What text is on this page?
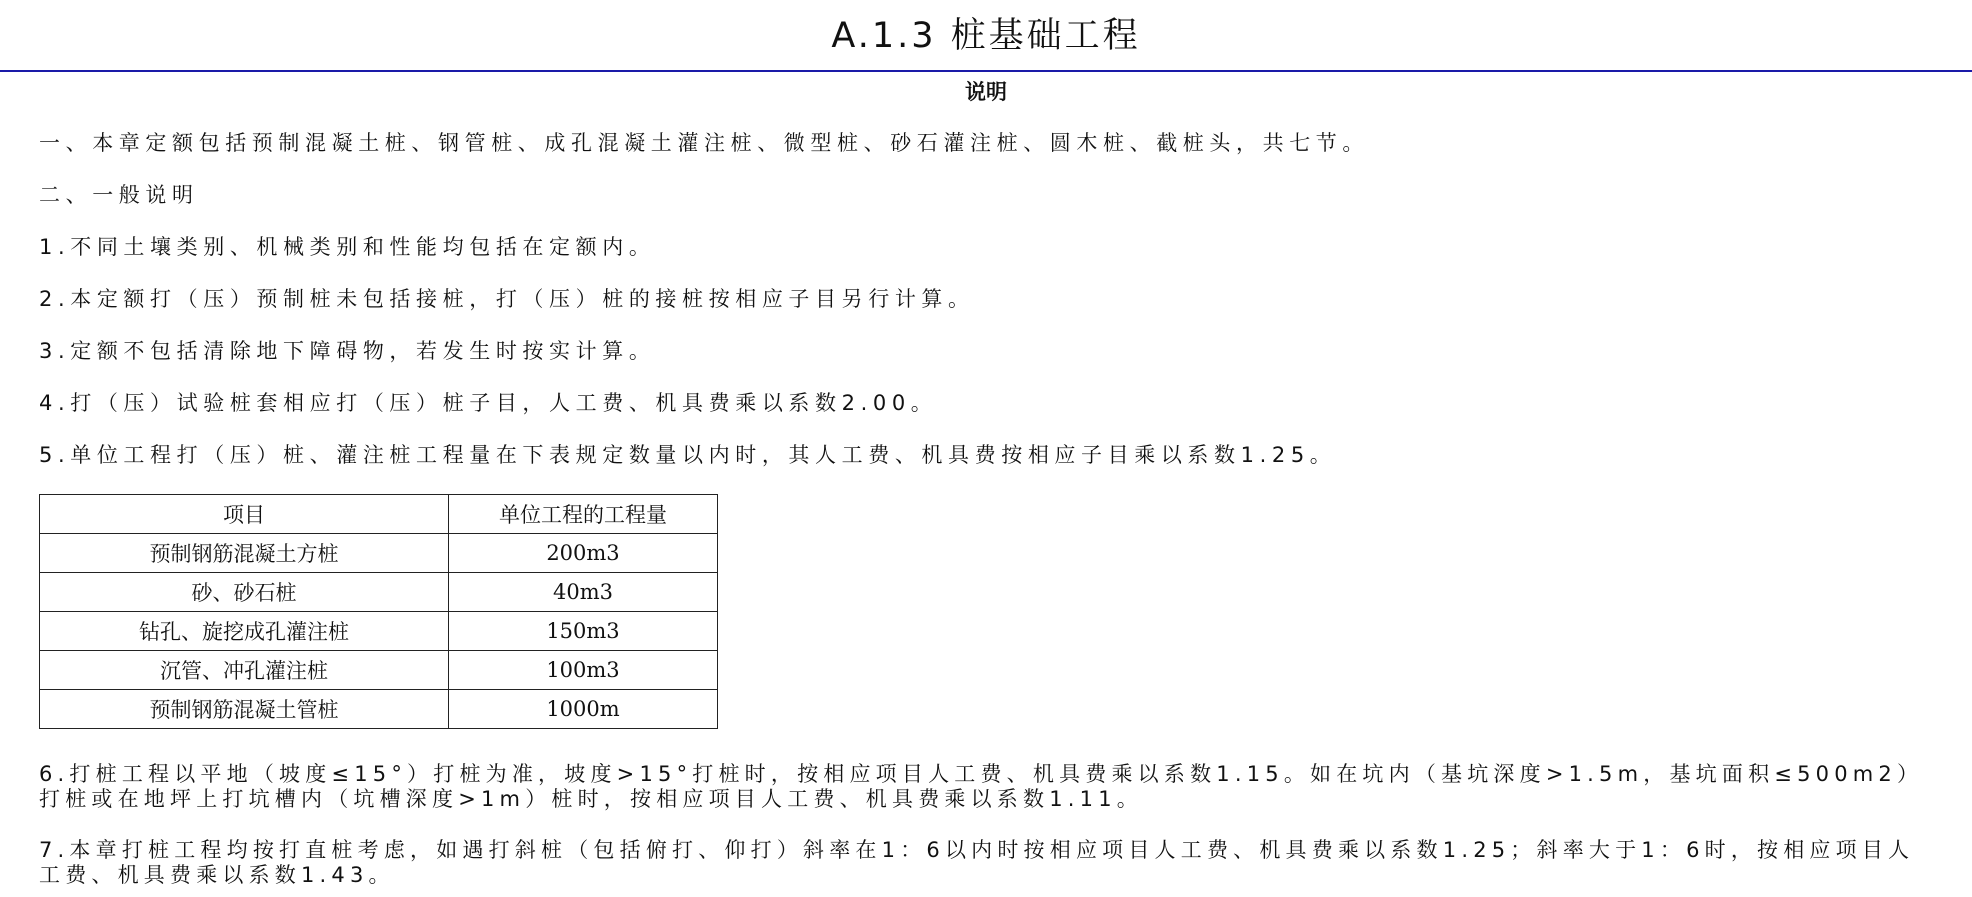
A.1.3 桩基础工程
说明

一、本章定额包括预制混凝土桩、钢管桩、成孔混凝土灌注桩、微型桩、砂石灌注桩、圆木桩、截桩头，共七节。

二、一般说明

1.不同土壤类别、机械类别和性能均包括在定额内。

2.本定额打（压）预制桩未包括接桩，打（压）桩的接桩按相应子目另行计算。

3.定额不包括清除地下障碍物，若发生时按实计算。

4.打（压）试验桩套相应打（压）桩子目，人工费、机具费乘以系数2.00。

5.单位工程打（压）桩、灌注桩工程量在下表规定数量以内时，其人工费、机具费按相应子目乘以系数1.25。

项目	单位工程的工程量
预制钢筋混凝土方桩	200m3
砂、砂石桩	40m3
钻孔、旋挖成孔灌注桩	150m3
沉管、冲孔灌注桩	100m3
预制钢筋混凝土管桩	1000m

6.打桩工程以平地（坡度≤15°）打桩为准，坡度>15°打桩时，按相应项目人工费、机具费乘以系数1.15。如在坑内（基坑深度>1.5m，基坑面积≤500m2）打桩或在地坪上打坑槽内（坑槽深度>1m）桩时，按相应项目人工费、机具费乘以系数1.11。

7.本章打桩工程均按打直桩考虑，如遇打斜桩（包括俯打、仰打）斜率在1：6以内时按相应项目人工费、机具费乘以系数1.25；斜率大于1：6时，按相应项目人工费、机具费乘以系数1.43。
